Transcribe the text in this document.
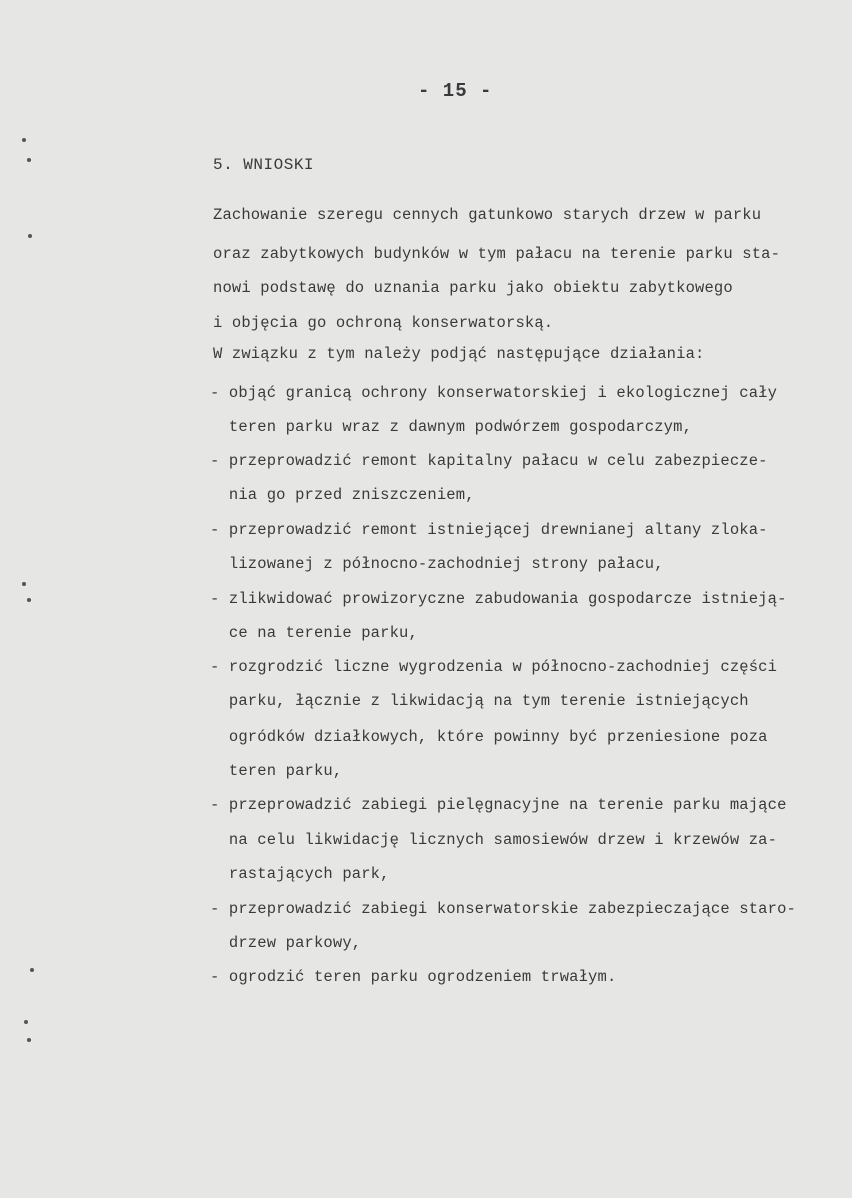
- 15 -
5. WNIOSKI
Zachowanie szeregu cennych gatunkowo starych drzew w parku
oraz zabytkowych budynków w tym pałacu na terenie parku sta-
nowi podstawę do uznania parku jako obiektu zabytkowego
i objęcia go ochroną konserwatorską.
W związku z tym należy podjąć następujące działania:
- objąć granicą ochrony konserwatorskiej i ekologicznej cały
teren parku wraz z dawnym podwórzem gospodarczym,
- przeprowadzić remont kapitalny pałacu w celu zabezpiecze-
nia go przed zniszczeniem,
- przeprowadzić remont istniejącej drewnianej altany zloka-
lizowanej z północno-zachodniej strony pałacu,
- zlikwidować prowizoryczne zabudowania gospodarcze istnieją-
ce na terenie parku,
- rozgrodzić liczne wygrodzenia w północno-zachodniej części
parku, łącznie z likwidacją na tym terenie istniejących
ogródków działkowych, które powinny być przeniesione poza
teren parku,
- przeprowadzić zabiegi pielęgnacyjne na terenie parku mające
na celu likwidację licznych samosiewów drzew i krzewów za-
rastających park,
- przeprowadzić zabiegi konserwatorskie zabezpieczające staro-
drzew parkowy,
- ogrodzić teren parku ogrodzeniem trwałym.
